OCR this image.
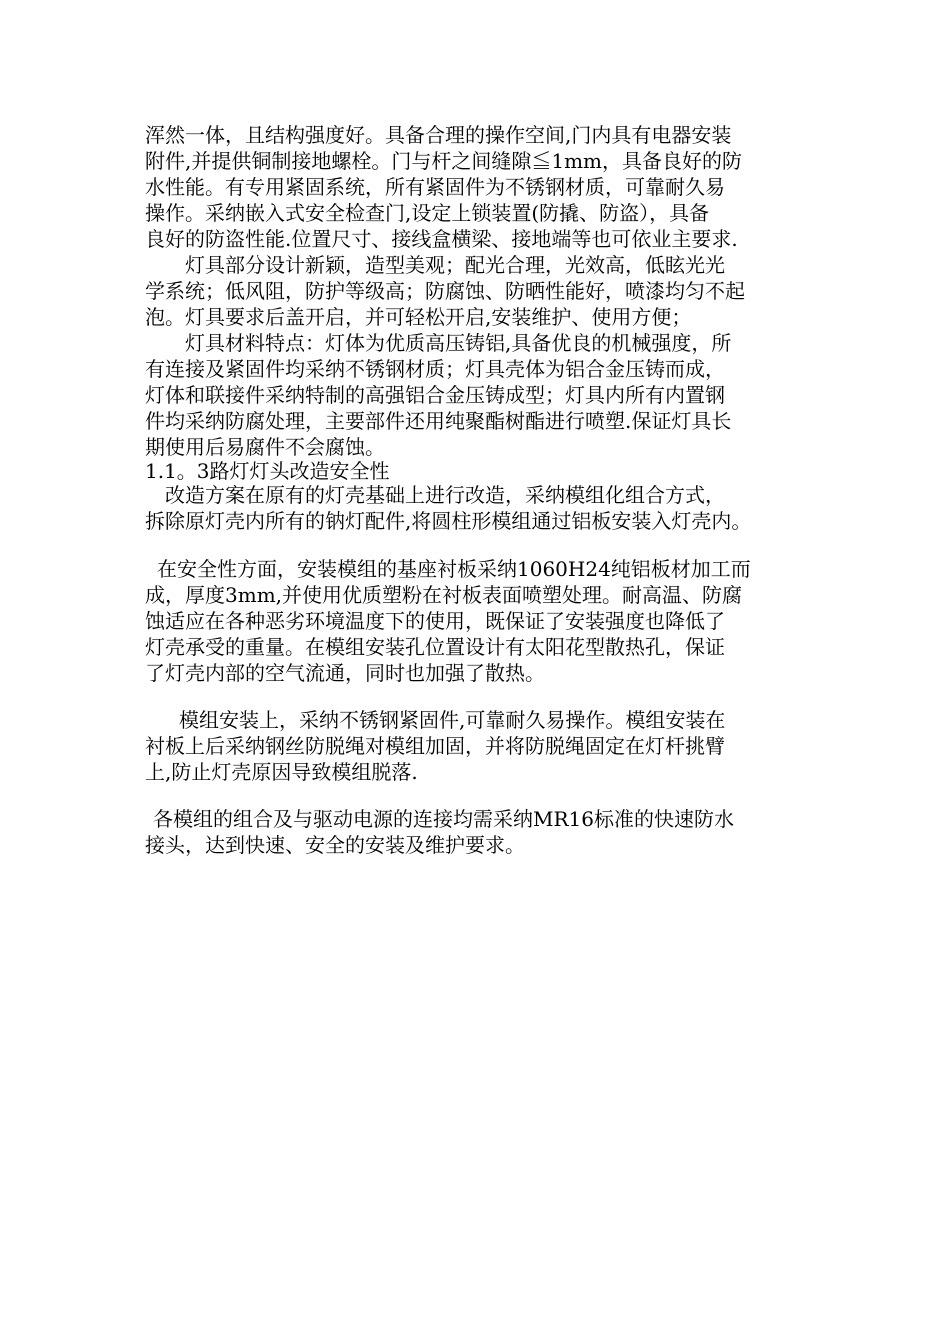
浑然一体，且结构强度好。具备合理的操作空间,门内具有电器安装
附件,并提供铜制接地螺栓。门与杆之间缝隙≦1mm，具备良好的防
水性能。有专用紧固系统，所有紧固件为不锈钢材质，可靠耐久易
操作。采纳嵌入式安全检查门,设定上锁装置(防撬、防盗），具备
良好的防盗性能.位置尺寸、接线盒横梁、接地端等也可依业主要求.
灯具部分设计新颖，造型美观；配光合理，光效高，低眩光光
学系统；低风阻，防护等级高；防腐蚀、防晒性能好，喷漆均匀不起
泡。灯具要求后盖开启，并可轻松开启,安装维护、使用方便；
灯具材料特点：灯体为优质高压铸铝,具备优良的机械强度，所
有连接及紧固件均采纳不锈钢材质；灯具壳体为铝合金压铸而成，
灯体和联接件采纳特制的高强铝合金压铸成型；灯具内所有内置钢
件均采纳防腐处理，主要部件还用纯聚酯树酯进行喷塑.保证灯具长
期使用后易腐件不会腐蚀。
1.1。3路灯灯头改造安全性
改造方案在原有的灯壳基础上进行改造，采纳模组化组合方式，
拆除原灯壳内所有的钠灯配件,将圆柱形模组通过铝板安装入灯壳内。
在安全性方面，安装模组的基座衬板采纳1060H24纯铝板材加工而
成，厚度3mm,并使用优质塑粉在衬板表面喷塑处理。耐高温、防腐
蚀适应在各种恶劣环境温度下的使用，既保证了安装强度也降低了
灯壳承受的重量。在模组安装孔位置设计有太阳花型散热孔，保证
了灯壳内部的空气流通，同时也加强了散热。
模组安装上，采纳不锈钢紧固件,可靠耐久易操作。模组安装在
衬板上后采纳钢丝防脱绳对模组加固，并将防脱绳固定在灯杆挑臂
上,防止灯壳原因导致模组脱落.
各模组的组合及与驱动电源的连接均需采纳MR16标准的快速防水
接头，达到快速、安全的安装及维护要求。
